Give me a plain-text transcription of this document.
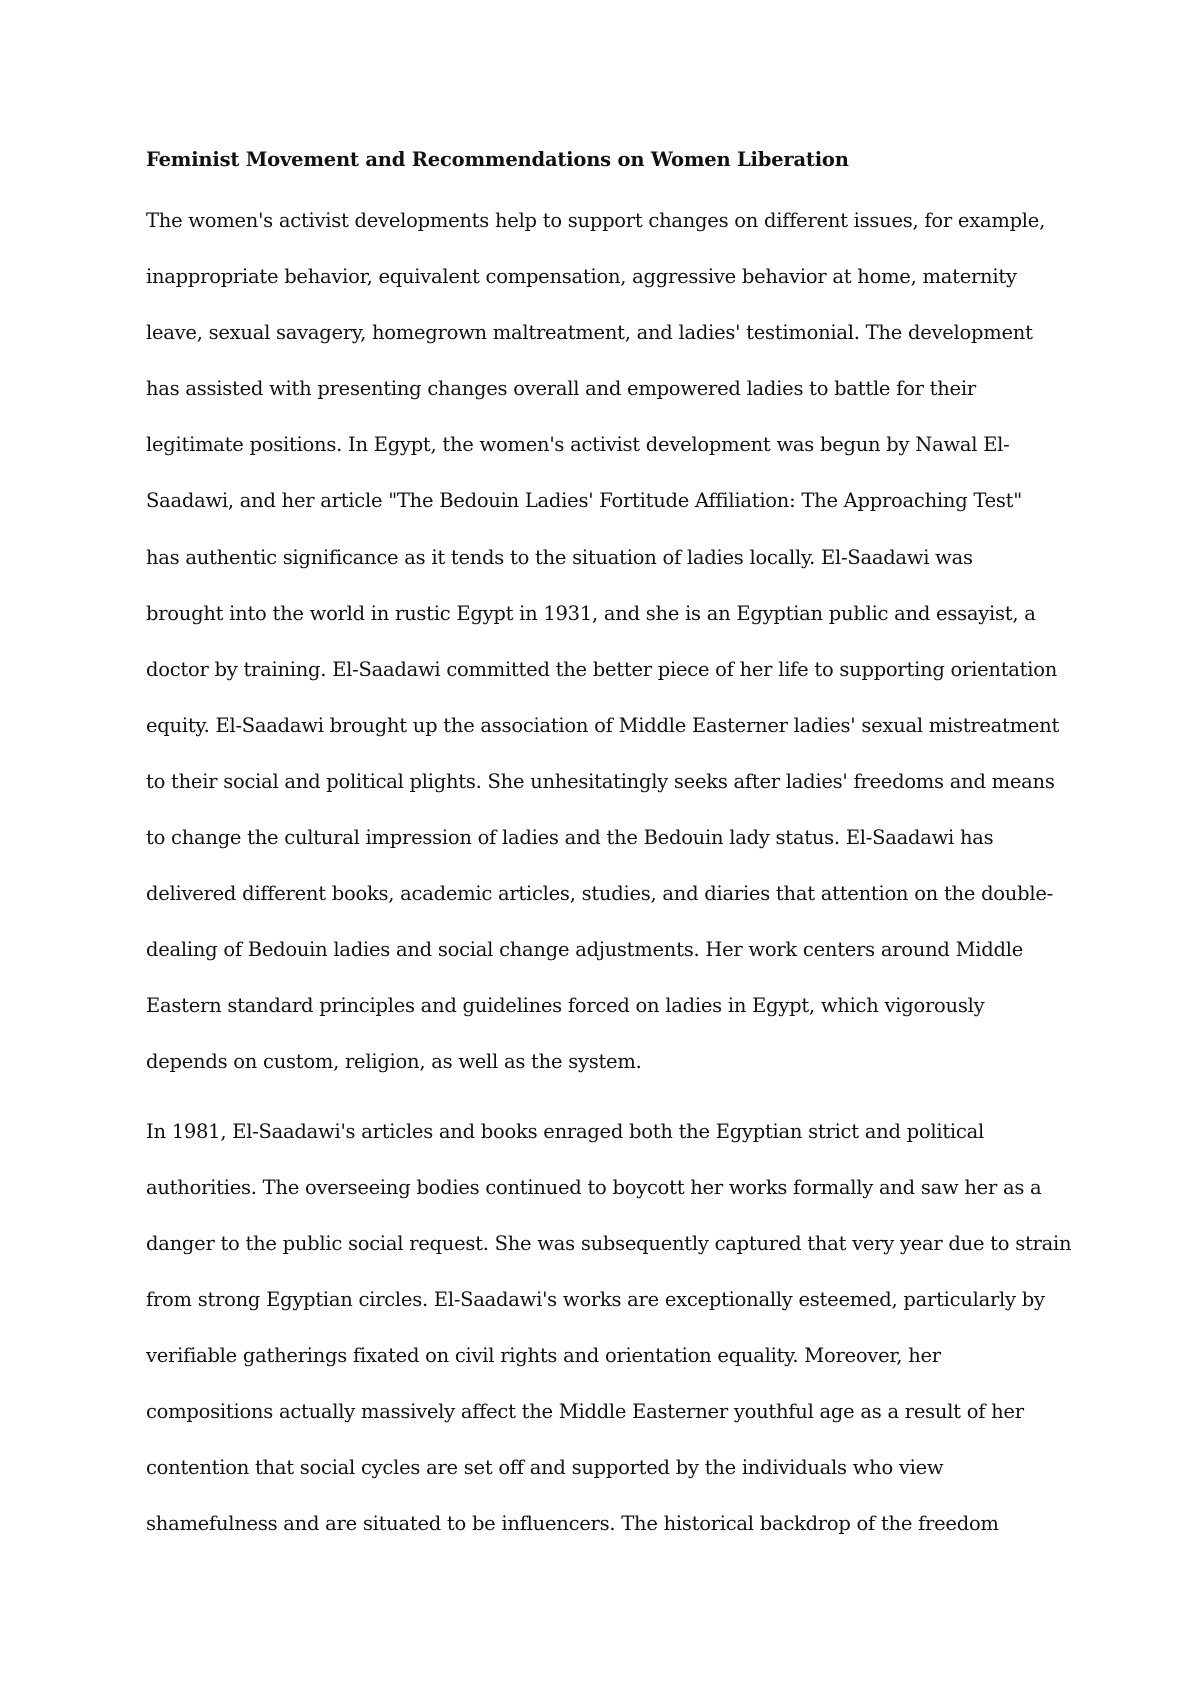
Feminist Movement and Recommendations on Women Liberation
The women's activist developments help to support changes on different issues, for example,
inappropriate behavior, equivalent compensation, aggressive behavior at home, maternity
leave, sexual savagery, homegrown maltreatment, and ladies' testimonial. The development
has assisted with presenting changes overall and empowered ladies to battle for their
legitimate positions. In Egypt, the women's activist development was begun by Nawal El-
Saadawi, and her article "The Bedouin Ladies' Fortitude Affiliation: The Approaching Test"
has authentic significance as it tends to the situation of ladies locally. El-Saadawi was
brought into the world in rustic Egypt in 1931, and she is an Egyptian public and essayist, a
doctor by training. El-Saadawi committed the better piece of her life to supporting orientation
equity. El-Saadawi brought up the association of Middle Easterner ladies' sexual mistreatment
to their social and political plights. She unhesitatingly seeks after ladies' freedoms and means
to change the cultural impression of ladies and the Bedouin lady status. El-Saadawi has
delivered different books, academic articles, studies, and diaries that attention on the double-
dealing of Bedouin ladies and social change adjustments. Her work centers around Middle
Eastern standard principles and guidelines forced on ladies in Egypt, which vigorously
depends on custom, religion, as well as the system.
In 1981, El-Saadawi's articles and books enraged both the Egyptian strict and political
authorities. The overseeing bodies continued to boycott her works formally and saw her as a
danger to the public social request. She was subsequently captured that very year due to strain
from strong Egyptian circles. El-Saadawi's works are exceptionally esteemed, particularly by
verifiable gatherings fixated on civil rights and orientation equality. Moreover, her
compositions actually massively affect the Middle Easterner youthful age as a result of her
contention that social cycles are set off and supported by the individuals who view
shamefulness and are situated to be influencers. The historical backdrop of the freedom
